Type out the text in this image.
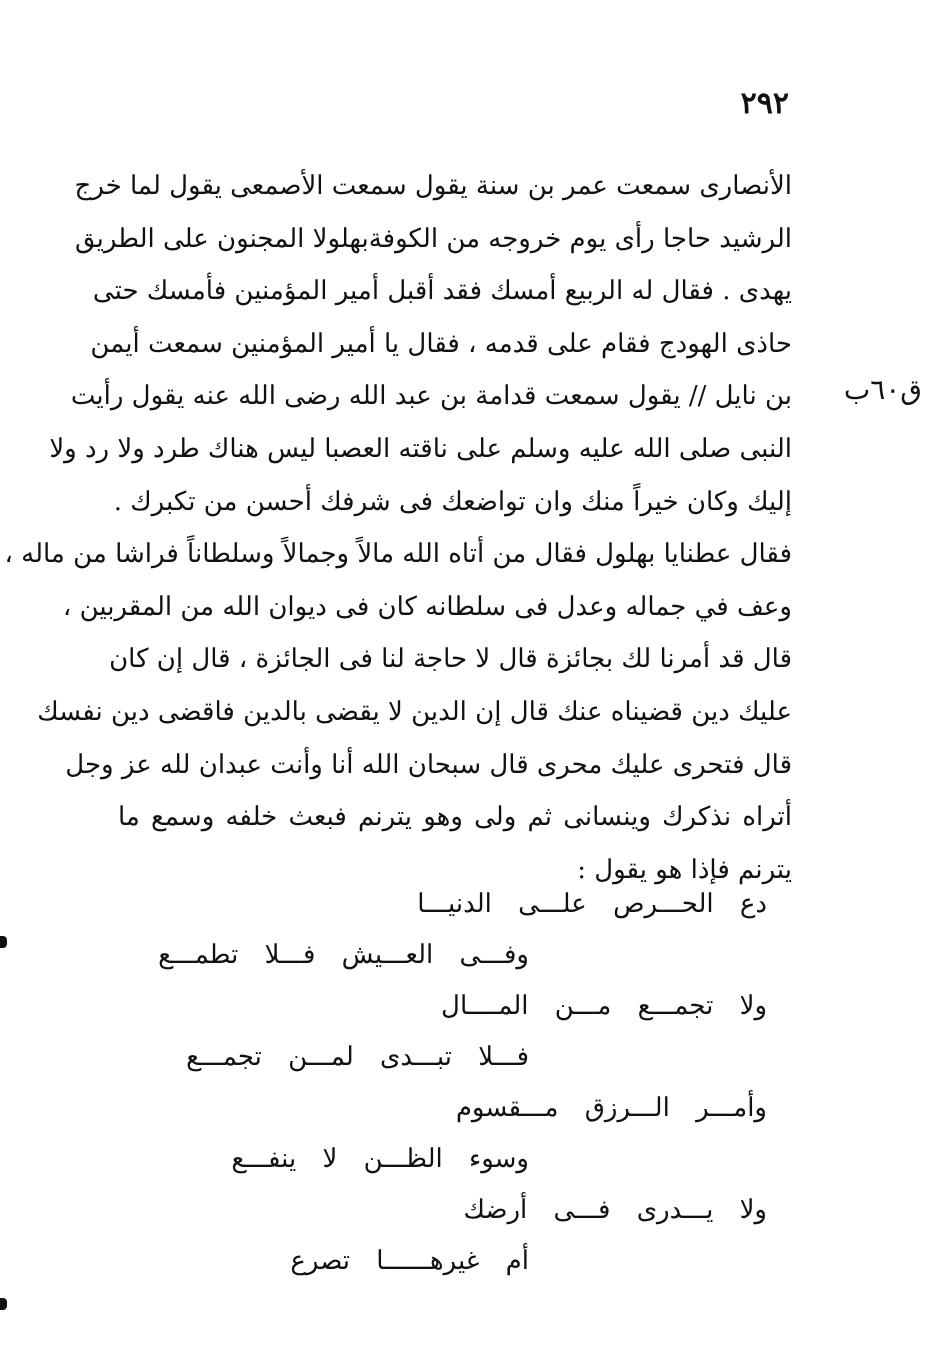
٢٩٢
ق٦٠ب
الأنصارى سمعت عمر بن سنة يقول سمعت الأصمعى يقول لما خرج
الرشيد حاجا رأى يوم خروجه من الكوفةبهلولا المجنون على الطريق
يهدى . فقال له الربيع أمسك فقد أقبل أمير المؤمنين فأمسك حتى
حاذى الهودج فقام على قدمه ، فقال يا أمير المؤمنين سمعت أيمن
بن نايل // يقول سمعت قدامة بن عبد الله رضى الله عنه يقول رأيت
النبى صلى الله عليه وسلم على ناقته العصبا ليس هناك طرد ولا رد ولا
إليك وكان خيراً منك وان تواضعك فى شرفك أحسن من تكبرك .
فقال عطنايا بهلول فقال من أتاه الله مالاً وجمالاً وسلطاناً فراشا من ماله ،
وعف في جماله وعدل فى سلطانه كان فى ديوان الله من المقربين ،
قال قد أمرنا لك بجائزة قال لا حاجة لنا فى الجائزة ، قال إن كان
عليك دين قضيناه عنك قال إن الدين لا يقضى بالدين فاقضى دين نفسك
قال فتحرى عليك محرى قال سبحان الله أنا وأنت عبدان لله عز وجل
أتراه نذكرك وينسانى ثم ولى وهو يترنم فبعث خلفه وسمع ما
يترنم فإذا هو يقول :
دع الحـــرص علـــى الدنيـــا
وفـــى العـــيش فـــلا تطمـــع
ولا تجمـــع مـــن المــــال
فـــلا تبـــدى لمـــن تجمـــع
وأمـــر الـــرزق مـــقسوم
وسوء الظـــن لا ينفـــع
ولا يـــدرى فـــى أرضك
أم غيرهــــــا تصرع
